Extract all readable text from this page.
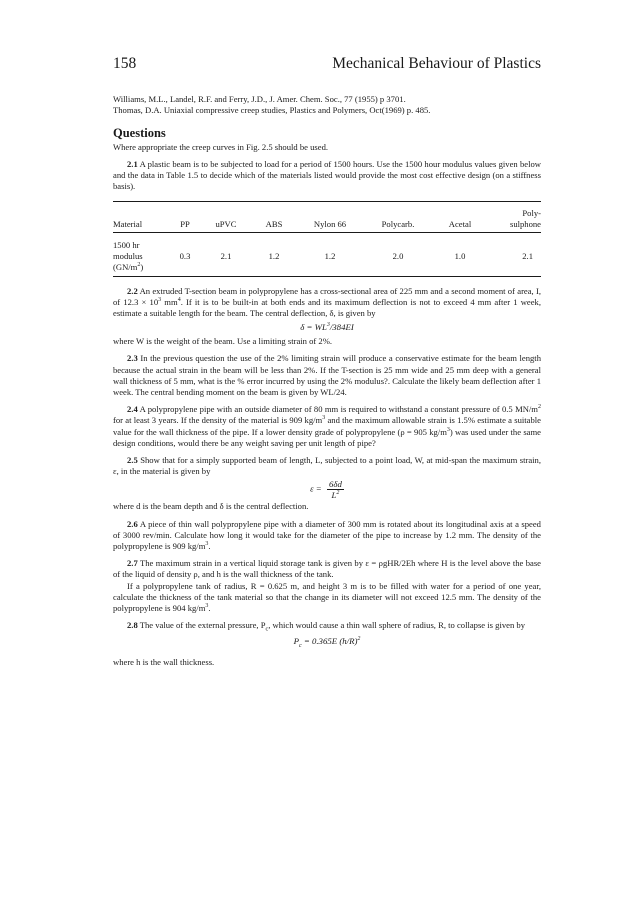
158	Mechanical Behaviour of Plastics
Williams, M.L., Landel, R.F. and Ferry, J.D., J. Amer. Chem. Soc., 77 (1955) p 3701.
Thomas, D.A. Uniaxial compressive creep studies, Plastics and Polymers, Oct(1969) p. 485.
Questions

Where appropriate the creep curves in Fig. 2.5 should be used.

2.1 A plastic beam is to be subjected to load for a period of 1500 hours. Use the 1500 hour modulus values given below and the data in Table 1.5 to decide which of the materials listed would provide the most cost effective design (on a stiffness basis).

							Poly-
Material	PP	uPVC	ABS	Nylon 66	Polycarb.	Acetal	sulphone
1500 hr
modulus
$(GN/m^2)$	0.3	2.1	1.2	1.2	2.0	1.0	2.1

2.2 An extruded T-section beam in polypropylene has a cross-sectional area of 225 mm and a second moment of area, I, of $12.3 \times 10^3$ $mm^4$. If it is to be built-in at both ends and its maximum deflection is not to exceed 4 mm after 1 week, estimate a suitable length for the beam. The central deflection, δ, is given by

$\delta = WL^3/384EI$

where W is the weight of the beam. Use a limiting strain of 2%.

2.3 In the previous question the use of the 2% limiting strain will produce a conservative estimate for the beam length because the actual strain in the beam will be less than 2%. If the T-section is 25 mm wide and 25 mm deep with a general wall thickness of 5 mm, what is the % error incurred by using the 2% modulus?. Calculate the likely beam deflection after 1 week. The central bending moment on the beam is given by WL/24.

2.4 A polypropylene pipe with an outside diameter of 80 mm is required to withstand a constant pressure of 0.5 $MN/m^2$ for at least 3 years. If the density of the material is 909 $kg/m^3$ and the maximum allowable strain is 1.5% estimate a suitable value for the wall thickness of the pipe. If a lower density grade of polypropylene (ρ = 905 $kg/m^3$) was used under the same design conditions, would there be any weight saving per unit length of pipe?

2.5 Show that for a simply supported beam of length, L, subjected to a point load, W, at mid-span the maximum strain, ε, in the material is given by

$\varepsilon = \frac{6\delta d}{L^2}$

where d is the beam depth and δ is the central deflection.

2.6 A piece of thin wall polypropylene pipe with a diameter of 300 mm is rotated about its longitudinal axis at a speed of 3000 rev/min. Calculate how long it would take for the diameter of the pipe to increase by 1.2 mm. The density of the polypropylene is 909 $kg/m^3$.

2.7 The maximum strain in a vertical liquid storage tank is given by ε = ρgHR/2Eh where H is the level above the base of the liquid of density ρ, and h is the wall thickness of the tank.

If a polypropylene tank of radius, R = 0.625 m, and height 3 m is to be filled with water for a period of one year, calculate the thickness of the tank material so that the change in its diameter will not exceed 12.5 mm. The density of the polypropylene is 904 $kg/m^3$.

2.8 The value of the external pressure, $P_c$, which would cause a thin wall sphere of radius, R, to collapse is given by

$P_c = 0.365E$ $(h/R)^2$

where h is the wall thickness.
